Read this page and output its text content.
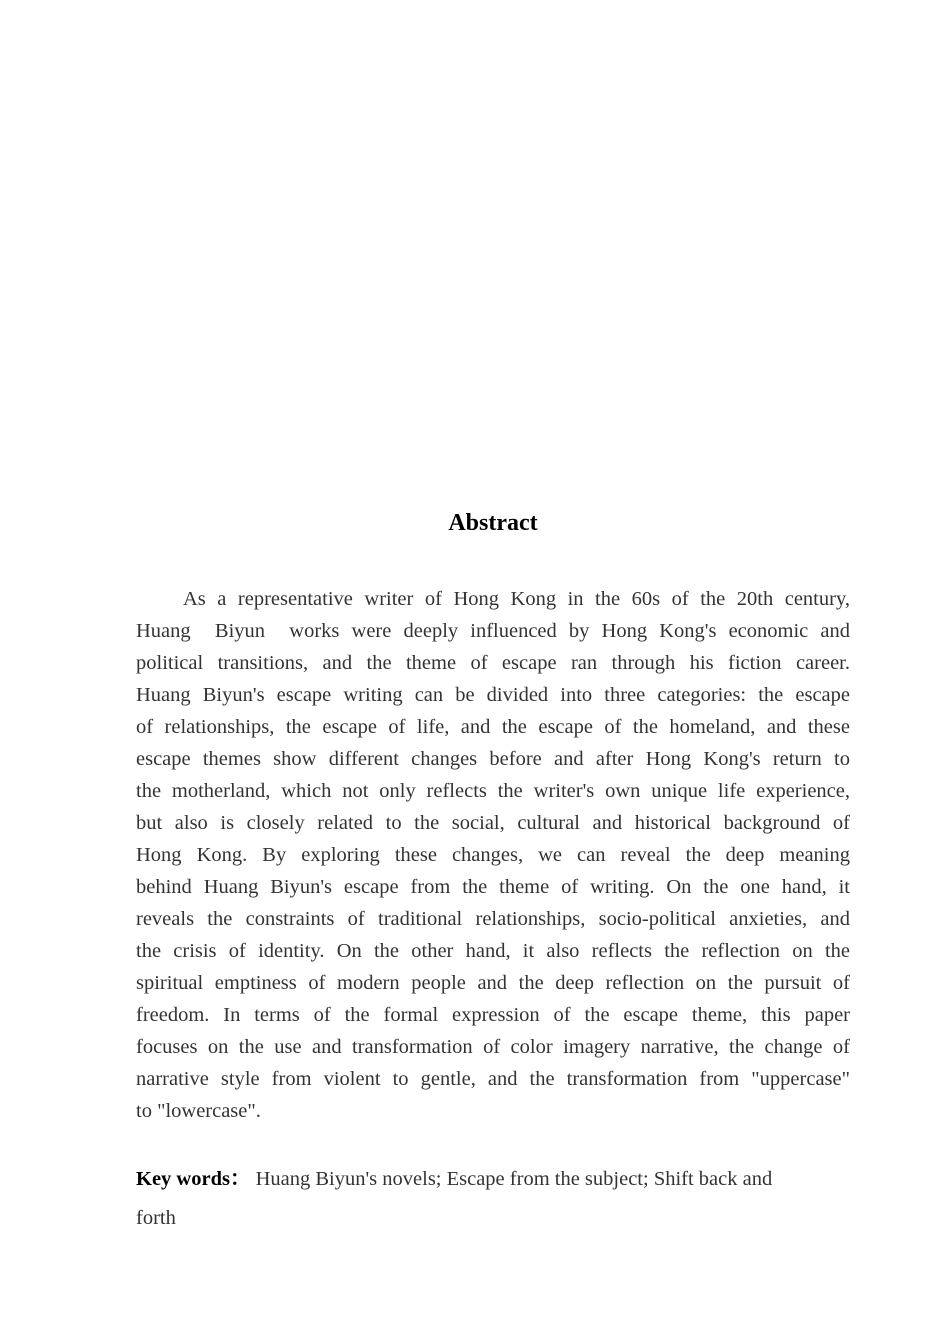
Abstract
As a representative writer of Hong Kong in the 60s of the 20th century,
Huang  Biyun  works were deeply influenced by Hong Kong's economic and
political transitions, and the theme of escape ran through his fiction career.
Huang Biyun's escape writing can be divided into three categories: the escape
of relationships, the escape of life, and the escape of the homeland, and these
escape themes show different changes before and after Hong Kong's return to
the motherland, which not only reflects the writer's own unique life experience,
but also is closely related to the social, cultural and historical background of
Hong Kong. By exploring these changes, we can reveal the deep meaning
behind Huang Biyun's escape from the theme of writing. On the one hand, it
reveals the constraints of traditional relationships, socio-political anxieties, and
the crisis of identity. On the other hand, it also reflects the reflection on the
spiritual emptiness of modern people and the deep reflection on the pursuit of
freedom. In terms of the formal expression of the escape theme, this paper
focuses on the use and transformation of color imagery narrative, the change of
narrative style from violent to gentle, and the transformation from "uppercase"
to "lowercase".
Key words： Huang Biyun's novels; Escape from the subject; Shift back and
forth
